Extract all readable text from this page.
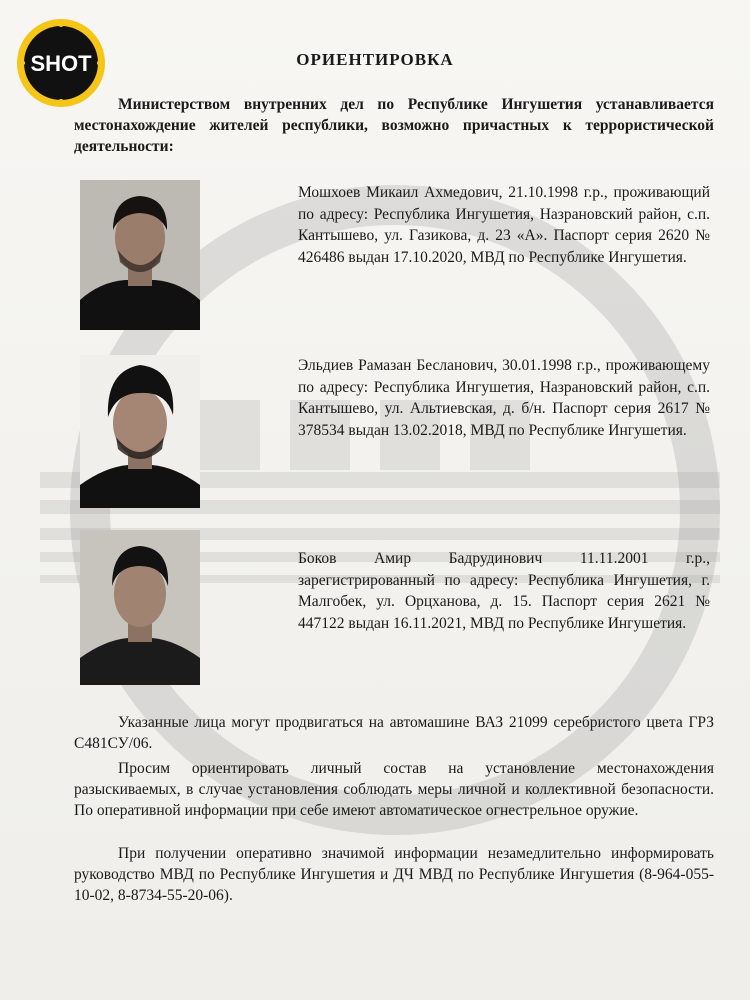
SHOT	ОРИЕНТИРОВКА
Министерством внутренних дел по Республике Ингушетия устанавливается местонахождение жителей республики, возможно причастных к террористической деятельности:
Мошхоев Микаил Ахмедович, 21.10.1998 г.р., проживающий по адресу: Республика Ингушетия, Назрановский район, с.п. Кантышево, ул. Газикова, д. 23 «А». Паспорт серия 2620 № 426486 выдан 17.10.2020, МВД по Республике Ингушетия.
Эльдиев Рамазан Бесланович, 30.01.1998 г.р., проживающему по адресу: Республика Ингушетия, Назрановский район, с.п. Кантышево, ул. Альтиевская, д. б/н. Паспорт серия 2617 № 378534 выдан 13.02.2018, МВД по Республике Ингушетия.
Боков Амир Бадрудинович 11.11.2001 г.р., зарегистрированный по адресу: Республика Ингушетия, г. Малгобек, ул. Орцханова, д. 15. Паспорт серия 2621 № 447122 выдан 16.11.2021, МВД по Республике Ингушетия.
Указанные лица могут продвигаться на автомашине ВАЗ 21099 серебристого цвета ГРЗ С481СУ/06.
Просим ориентировать личный состав на установление местонахождения разыскиваемых, в случае установления соблюдать меры личной и коллективной безопасности. По оперативной информации при себе имеют автоматическое огнестрельное оружие.
При получении оперативно значимой информации незамедлительно информировать руководство МВД по Республике Ингушетия и ДЧ МВД по Республике Ингушетия (8-964-055-10-02, 8-8734-55-20-06).
